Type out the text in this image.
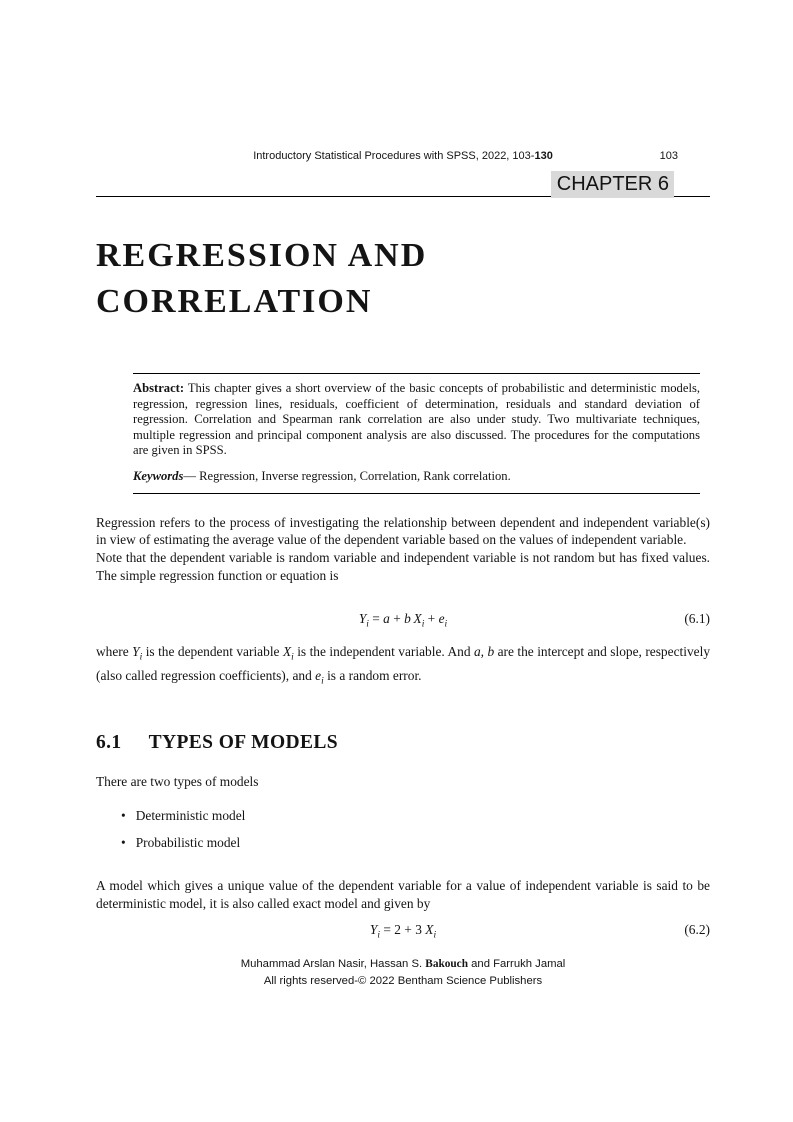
Introductory Statistical Procedures with SPSS, 2022, 103-130	103
CHAPTER 6
REGRESSION AND
CORRELATION

Abstract: This chapter gives a short overview of the basic concepts of probabilistic and deterministic models, regression, regression lines, residuals, coefficient of determination, residuals and standard deviation of regression. Correlation and Spearman rank correlation are also under study. Two multivariate techniques, multiple regression and principal component analysis are also discussed. The procedures for the computations are given in SPSS.

Keywords— Regression, Inverse regression, Correlation, Rank correlation.

Regression refers to the process of investigating the relationship between dependent and independent variable(s) in view of estimating the average value of the dependent variable based on the values of independent variable.

Note that the dependent variable is random variable and independent variable is not random but has fixed values. The simple regression function or equation is

$Y_i = a + b$ $X_i + e_i$	(6.1)

where $Y_i$ is the dependent variable $X_i$ is the independent variable. And a, b are the intercept and slope, respectively (also called regression coefficients), and $e_i$ is a random error.

6.1 TYPES OF MODELS

There are two types of models

• Deterministic model
• Probabilistic model

A model which gives a unique value of the dependent variable for a value of independent variable is said to be deterministic model, it is also called exact model and given by

$Y_i = 2 + 3$ $X_i$	(6.2)
Muhammad Arslan Nasir, Hassan S. Bakouch and Farrukh Jamal
All rights reserved-© 2022 Bentham Science Publishers
